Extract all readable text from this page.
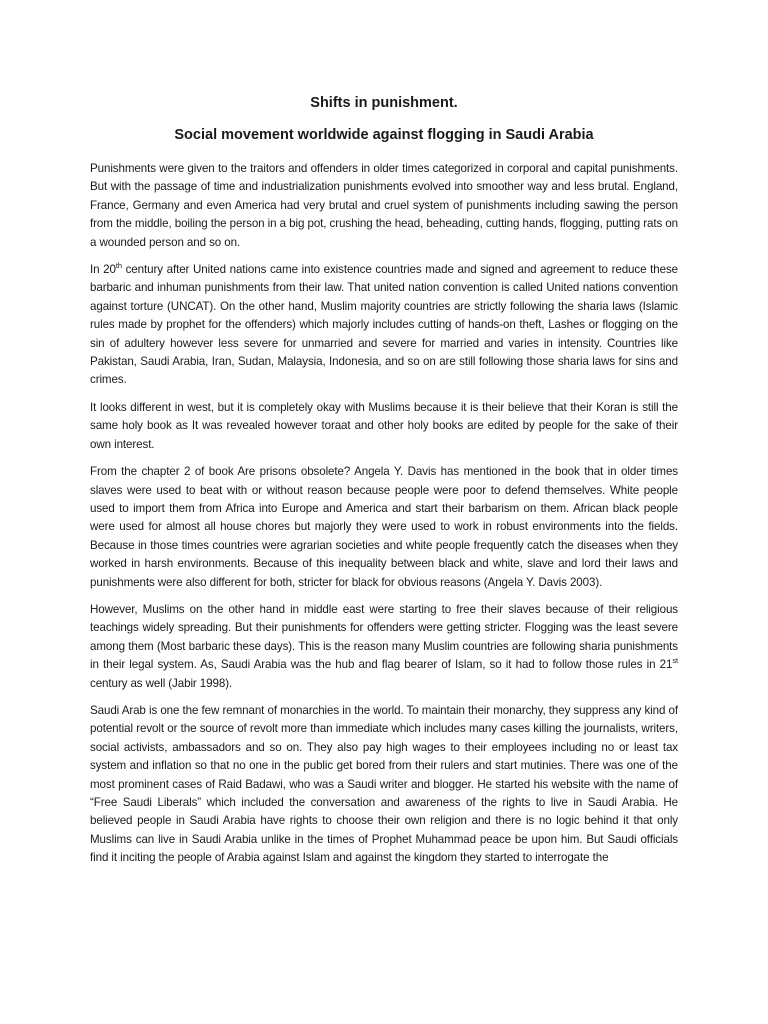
Shifts in punishment.
Social movement worldwide against flogging in Saudi Arabia

Punishments were given to the traitors and offenders in older times categorized in corporal and capital punishments. But with the passage of time and industrialization punishments evolved into smoother way and less brutal. England, France, Germany and even America had very brutal and cruel system of punishments including sawing the person from the middle, boiling the person in a big pot, crushing the head, beheading, cutting hands, flogging, putting rats on a wounded person and so on.

In 20th century after United nations came into existence countries made and signed and agreement to reduce these barbaric and inhuman punishments from their law. That united nation convention is called United nations convention against torture (UNCAT). On the other hand, Muslim majority countries are strictly following the sharia laws (Islamic rules made by prophet for the offenders) which majorly includes cutting of hands-on theft, Lashes or flogging on the sin of adultery however less severe for unmarried and severe for married and varies in intensity. Countries like Pakistan, Saudi Arabia, Iran, Sudan, Malaysia, Indonesia, and so on are still following those sharia laws for sins and crimes.

It looks different in west, but it is completely okay with Muslims because it is their believe that their Koran is still the same holy book as It was revealed however toraat and other holy books are edited by people for the sake of their own interest.

From the chapter 2 of book Are prisons obsolete? Angela Y. Davis has mentioned in the book that in older times slaves were used to beat with or without reason because people were poor to defend themselves. White people used to import them from Africa into Europe and America and start their barbarism on them. African black people were used for almost all house chores but majorly they were used to work in robust environments into the fields. Because in those times countries were agrarian societies and white people frequently catch the diseases when they worked in harsh environments. Because of this inequality between black and white, slave and lord their laws and punishments were also different for both, stricter for black for obvious reasons (Angela Y. Davis 2003).

However, Muslims on the other hand in middle east were starting to free their slaves because of their religious teachings widely spreading. But their punishments for offenders were getting stricter. Flogging was the least severe among them (Most barbaric these days). This is the reason many Muslim countries are following sharia punishments in their legal system. As, Saudi Arabia was the hub and flag bearer of Islam, so it had to follow those rules in 21st century as well (Jabir 1998).

Saudi Arab is one the few remnant of monarchies in the world. To maintain their monarchy, they suppress any kind of potential revolt or the source of revolt more than immediate which includes many cases killing the journalists, writers, social activists, ambassadors and so on. They also pay high wages to their employees including no or least tax system and inflation so that no one in the public get bored from their rulers and start mutinies. There was one of the most prominent cases of Raid Badawi, who was a Saudi writer and blogger. He started his website with the name of “Free Saudi Liberals” which included the conversation and awareness of the rights to live in Saudi Arabia. He believed people in Saudi Arabia have rights to choose their own religion and there is no logic behind it that only Muslims can live in Saudi Arabia unlike in the times of Prophet Muhammad peace be upon him. But Saudi officials find it inciting the people of Arabia against Islam and against the kingdom they started to interrogate the
